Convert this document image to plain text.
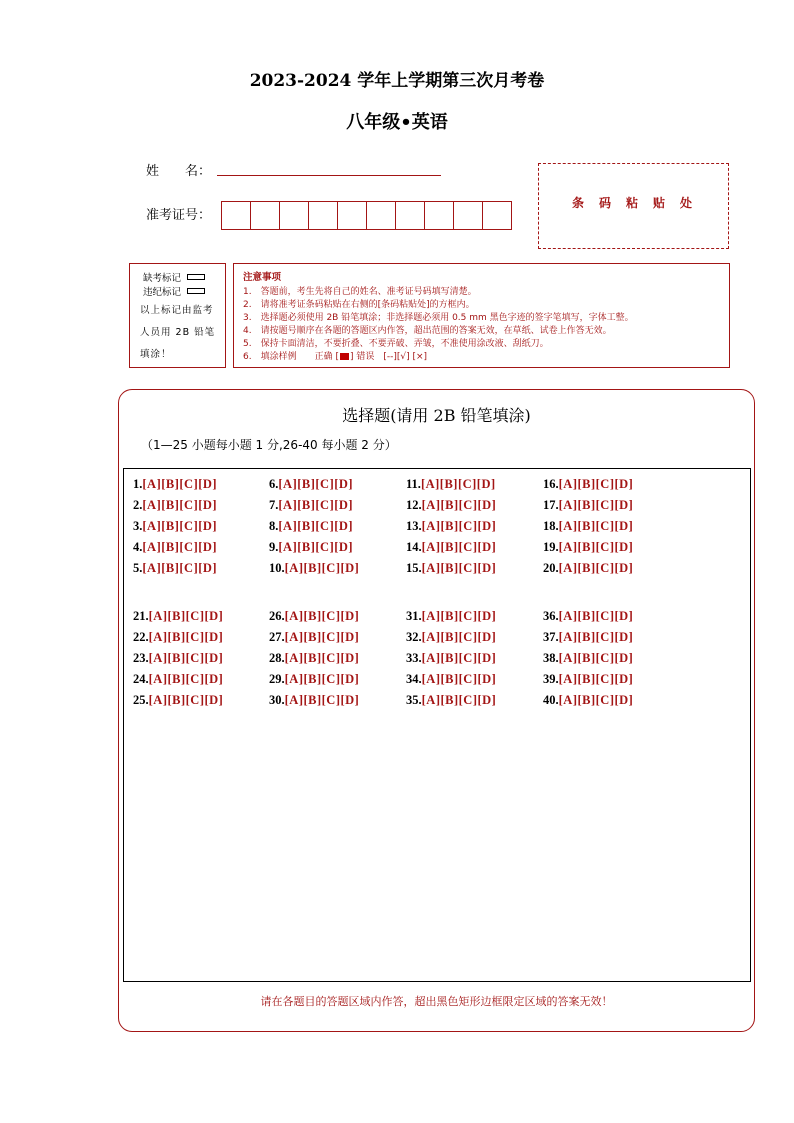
2023-2024 学年上学期第三次月考卷
八年级•英语
姓　　名：
准考证号：
条码粘贴处
缺考标记
违纪标记
以上标记由监考人员用 2B 铅笔填涂！
注意事项
1.　答题前，考生先将自己的姓名、准考证号码填写清楚。
2.　请将准考证条码粘贴在右侧的[条码粘贴处]的方框内。
3.　选择题必须使用 2B 铅笔填涂；非选择题必须用 0.5 mm 黑色字迹的签字笔填写，字体工整。
4.　请按题号顺序在各题的答题区内作答，超出范围的答案无效，在草纸、试卷上作答无效。
5.　保持卡面清洁，不要折叠、不要弄破、弄皱，不准使用涂改液、刮纸刀。
6.　填涂样例　　正确 [ ] 错误　[--][√] [×]
选择题(请用 2B 铅笔填涂)
（1—25 小题每小题 1 分,26-40 每小题 2 分）
1.[A][B][C][D]
2.[A][B][C][D]
3.[A][B][C][D]
4.[A][B][C][D]
5.[A][B][C][D]
6.[A][B][C][D]
7.[A][B][C][D]
8.[A][B][C][D]
9.[A][B][C][D]
10.[A][B][C][D]
11.[A][B][C][D]
12.[A][B][C][D]
13.[A][B][C][D]
14.[A][B][C][D]
15.[A][B][C][D]
16.[A][B][C][D]
17.[A][B][C][D]
18.[A][B][C][D]
19.[A][B][C][D]
20.[A][B][C][D]
21.[A][B][C][D]
22.[A][B][C][D]
23.[A][B][C][D]
24.[A][B][C][D]
25.[A][B][C][D]
26.[A][B][C][D]
27.[A][B][C][D]
28.[A][B][C][D]
29.[A][B][C][D]
30.[A][B][C][D]
31.[A][B][C][D]
32.[A][B][C][D]
33.[A][B][C][D]
34.[A][B][C][D]
35.[A][B][C][D]
36.[A][B][C][D]
37.[A][B][C][D]
38.[A][B][C][D]
39.[A][B][C][D]
40.[A][B][C][D]
请在各题目的答题区域内作答，超出黑色矩形边框限定区域的答案无效！
